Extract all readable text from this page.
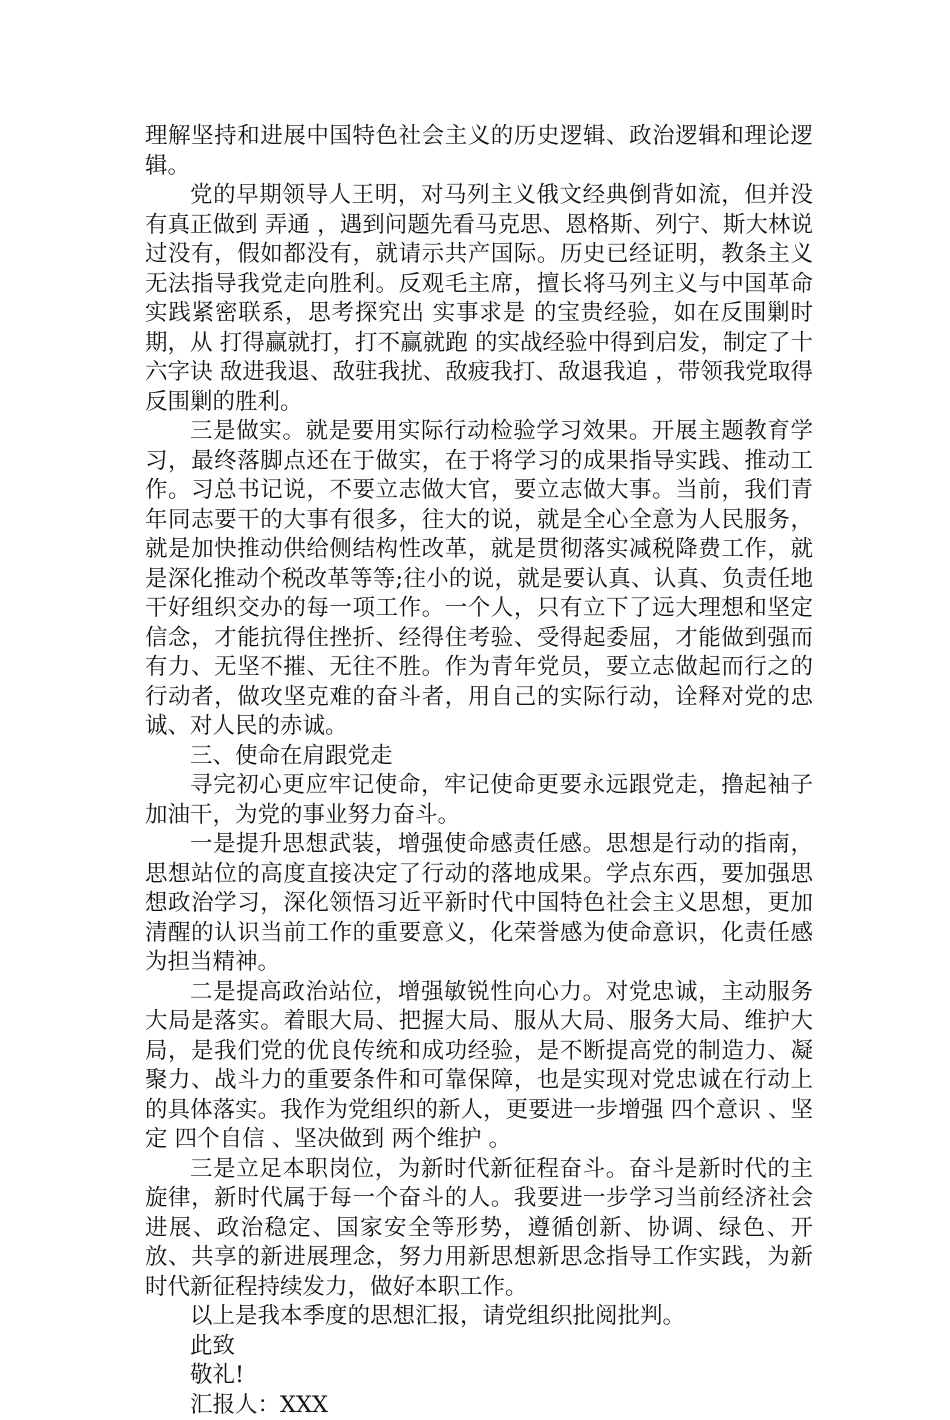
理解坚持和进展中国特色社会主义的历史逻辑、政治逻辑和理论逻辑。

党的早期领导人王明，对马列主义俄文经典倒背如流，但并没有真正做到 弄通 ，遇到问题先看马克思、恩格斯、列宁、斯大林说过没有，假如都没有，就请示共产国际。历史已经证明，教条主义无法指导我党走向胜利。反观毛主席，擅长将马列主义与中国革命实践紧密联系，思考探究出 实事求是 的宝贵经验，如在反围剿时期，从 打得赢就打，打不赢就跑 的实战经验中得到启发，制定了十六字诀 敌进我退、敌驻我扰、敌疲我打、敌退我追 ，带领我党取得反围剿的胜利。

三是做实。就是要用实际行动检验学习效果。开展主题教育学习，最终落脚点还在于做实，在于将学习的成果指导实践、推动工作。习总书记说，不要立志做大官，要立志做大事。当前，我们青年同志要干的大事有很多，往大的说，就是全心全意为人民服务，就是加快推动供给侧结构性改革，就是贯彻落实减税降费工作，就是深化推动个税改革等等;往小的说，就是要认真、认真、负责任地干好组织交办的每一项工作。一个人，只有立下了远大理想和坚定信念，才能抗得住挫折、经得住考验、受得起委屈，才能做到强而有力、无坚不摧、无往不胜。作为青年党员，要立志做起而行之的行动者，做攻坚克难的奋斗者，用自己的实际行动，诠释对党的忠诚、对人民的赤诚。

三、使命在肩跟党走

寻完初心更应牢记使命，牢记使命更要永远跟党走，撸起袖子加油干，为党的事业努力奋斗。

一是提升思想武装，增强使命感责任感。思想是行动的指南，思想站位的高度直接决定了行动的落地成果。学点东西，要加强思想政治学习，深化领悟习近平新时代中国特色社会主义思想，更加清醒的认识当前工作的重要意义，化荣誉感为使命意识，化责任感为担当精神。

二是提高政治站位，增强敏锐性向心力。对党忠诚，主动服务大局是落实。着眼大局、把握大局、服从大局、服务大局、维护大局，是我们党的优良传统和成功经验，是不断提高党的制造力、凝聚力、战斗力的重要条件和可靠保障，也是实现对党忠诚在行动上的具体落实。我作为党组织的新人，更要进一步增强 四个意识 、坚定 四个自信 、坚决做到 两个维护 。

三是立足本职岗位，为新时代新征程奋斗。奋斗是新时代的主旋律，新时代属于每一个奋斗的人。我要进一步学习当前经济社会进展、政治稳定、国家安全等形势，遵循创新、协调、绿色、开放、共享的新进展理念，努力用新思想新思念指导工作实践，为新时代新征程持续发力，做好本职工作。

以上是我本季度的思想汇报，请党组织批阅批判。

此致

敬礼!

汇报人：XXX
